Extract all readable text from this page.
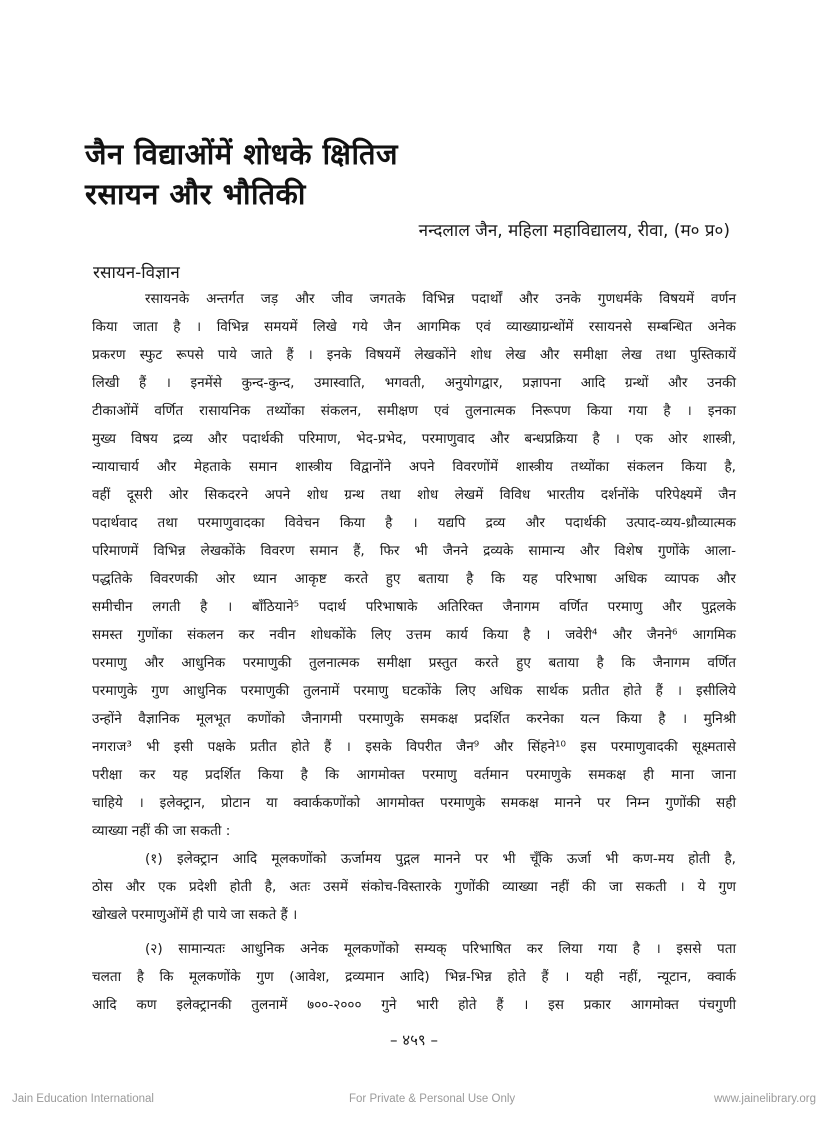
जैन विद्याओंमें शोधके क्षितिज
रसायन और भौतिकी
नन्दलाल जैन, महिला महाविद्यालय, रीवा, (म० प्र०)
रसायन-विज्ञान
रसायनके अन्तर्गत जड़ और जीव जगतके विभिन्न पदार्थों और उनके गुणधर्मके विषयमें वर्णन
किया जाता है । विभिन्न समयमें लिखे गये जैन आगमिक एवं व्याख्याग्रन्थोंमें रसायनसे सम्बन्धित अनेक
प्रकरण स्फुट रूपसे पाये जाते हैं । इनके विषयमें लेखकोंने शोध लेख और समीक्षा लेख तथा पुस्तिकायें
लिखी हैं । इनमेंसे कुन्द-कुन्द, उमास्वाति, भगवती, अनुयोगद्वार, प्रज्ञापना आदि ग्रन्थों और उनकी
टीकाओंमें वर्णित रासायनिक तथ्योंका संकलन, समीक्षण एवं तुलनात्मक निरूपण किया गया है । इनका
मुख्य विषय द्रव्य और पदार्थकी परिमाण, भेद-प्रभेद, परमाणुवाद और बन्धप्रक्रिया है । एक ओर शास्त्री,
न्यायाचार्य और मेहताके समान शास्त्रीय विद्वानोंने अपने विवरणोंमें शास्त्रीय तथ्योंका संकलन किया है,
वहीं दूसरी ओर सिकदरने अपने शोध ग्रन्थ तथा शोध लेखमें विविध भारतीय दर्शनोंके परिपेक्ष्यमें जैन
पदार्थवाद तथा परमाणुवादका विवेचन किया है । यद्यपि द्रव्य और पदार्थकी उत्पाद-व्यय-ध्रौव्यात्मक
परिमाणमें विभिन्न लेखकोंके विवरण समान हैं, फिर भी जैनने द्रव्यके सामान्य और विशेष गुणोंके आला-
पद्धतिके विवरणकी ओर ध्यान आकृष्ट करते हुए बताया है कि यह परिभाषा अधिक व्यापक और
समीचीन लगती है । बाँठियाने⁵ पदार्थ परिभाषाके अतिरिक्त जैनागम वर्णित परमाणु और पुद्गलके
समस्त गुणोंका संकलन कर नवीन शोधकोंके लिए उत्तम कार्य किया है । जवेरी⁴ और जैनने⁶ आगमिक
परमाणु और आधुनिक परमाणुकी तुलनात्मक समीक्षा प्रस्तुत करते हुए बताया है कि जैनागम वर्णित
परमाणुके गुण आधुनिक परमाणुकी तुलनामें परमाणु घटकोंके लिए अधिक सार्थक प्रतीत होते हैं । इसीलिये
उन्होंने वैज्ञानिक मूलभूत कणोंको जैनागमी परमाणुके समकक्ष प्रदर्शित करनेका यत्न किया है । मुनिश्री
नगराज³ भी इसी पक्षके प्रतीत होते हैं । इसके विपरीत जैन⁹ और सिंहने¹⁰ इस परमाणुवादकी सूक्ष्मतासे
परीक्षा कर यह प्रदर्शित किया है कि आगमोक्त परमाणु वर्तमान परमाणुके समकक्ष ही माना जाना
चाहिये । इलेक्ट्रान, प्रोटान या क्वार्ककणोंको आगमोक्त परमाणुके समकक्ष मानने पर निम्न गुणोंकी सही
व्याख्या नहीं की जा सकती :
(१) इलेक्ट्रान आदि मूलकणोंको ऊर्जामय पुद्गल मानने पर भी चूँकि ऊर्जा भी कण-मय होती है,
ठोस और एक प्रदेशी होती है, अतः उसमें संकोच-विस्तारके गुणोंकी व्याख्या नहीं की जा सकती । ये गुण
खोखले परमाणुओंमें ही पाये जा सकते हैं ।
(२) सामान्यतः आधुनिक अनेक मूलकणोंको सम्यक् परिभाषित कर लिया गया है । इससे पता
चलता है कि मूलकणोंके गुण (आवेश, द्रव्यमान आदि) भिन्न-भिन्न होते हैं । यही नहीं, न्यूटान, क्वार्क
आदि कण इलेक्ट्रानकी तुलनामें ७००-२००० गुने भारी होते हैं । इस प्रकार आगमोक्त पंचगुणी
– ४५९ –
Jain Education International	For Private & Personal Use Only	www.jainelibrary.org
